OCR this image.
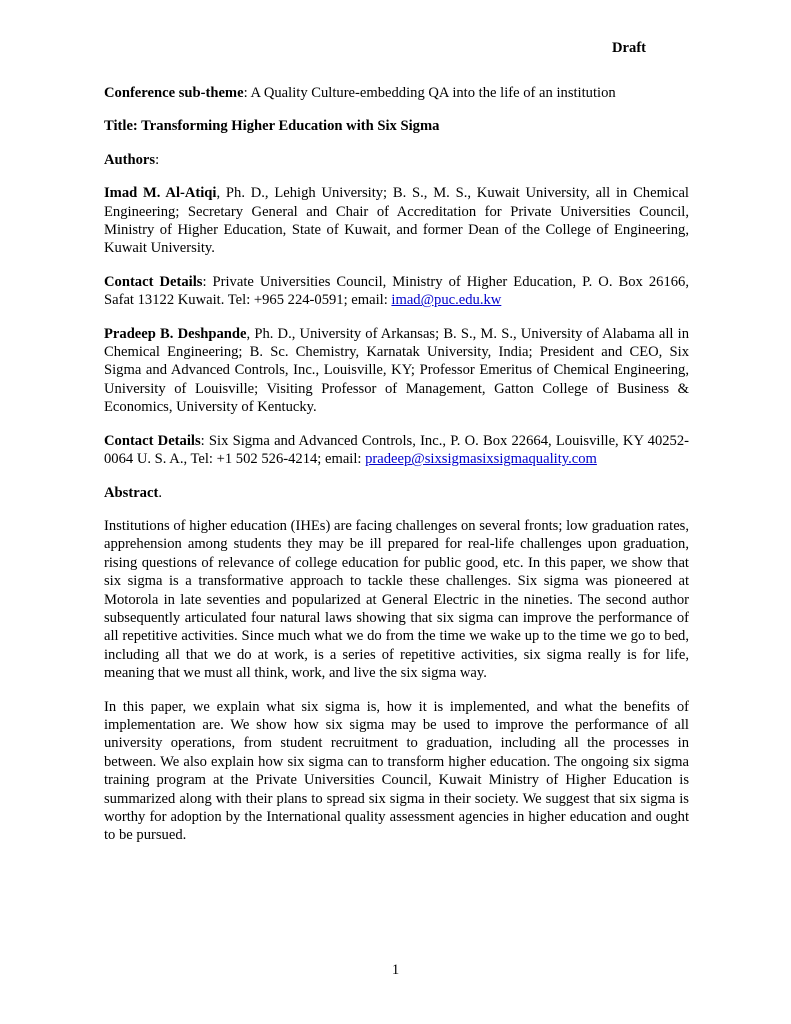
Draft

Conference sub-theme: A Quality Culture-embedding QA into the life of an institution

Title: Transforming Higher Education with Six Sigma

Authors:

Imad M. Al-Atiqi, Ph. D., Lehigh University; B. S., M. S., Kuwait University, all in Chemical Engineering; Secretary General and Chair of Accreditation for Private Universities Council, Ministry of Higher Education, State of Kuwait, and former Dean of the College of Engineering, Kuwait University.

Contact Details: Private Universities Council, Ministry of Higher Education, P. O. Box 26166, Safat 13122 Kuwait. Tel: +965 224-0591; email: imad@puc.edu.kw

Pradeep B. Deshpande, Ph. D., University of Arkansas; B. S., M. S., University of Alabama all in Chemical Engineering; B. Sc. Chemistry, Karnatak University, India; President and CEO, Six Sigma and Advanced Controls, Inc., Louisville, KY; Professor Emeritus of Chemical Engineering, University of Louisville; Visiting Professor of Management, Gatton College of Business & Economics, University of Kentucky.

Contact Details: Six Sigma and Advanced Controls, Inc., P. O. Box 22664, Louisville, KY 40252-0064 U. S. A., Tel: +1 502 526-4214; email: pradeep@sixsigmasixsigmaquality.com

Abstract.

Institutions of higher education (IHEs) are facing challenges on several fronts; low graduation rates, apprehension among students they may be ill prepared for real-life challenges upon graduation, rising questions of relevance of college education for public good, etc. In this paper, we show that six sigma is a transformative approach to tackle these challenges. Six sigma was pioneered at Motorola in late seventies and popularized at General Electric in the nineties. The second author subsequently articulated four natural laws showing that six sigma can improve the performance of all repetitive activities. Since much what we do from the time we wake up to the time we go to bed, including all that we do at work, is a series of repetitive activities, six sigma really is for life, meaning that we must all think, work, and live the six sigma way.

In this paper, we explain what six sigma is, how it is implemented, and what the benefits of implementation are. We show how six sigma may be used to improve the performance of all university operations, from student recruitment to graduation, including all the processes in between. We also explain how six sigma can to transform higher education. The ongoing six sigma training program at the Private Universities Council, Kuwait Ministry of Higher Education is summarized along with their plans to spread six sigma in their society. We suggest that six sigma is worthy for adoption by the International quality assessment agencies in higher education and ought to be pursued.

1
